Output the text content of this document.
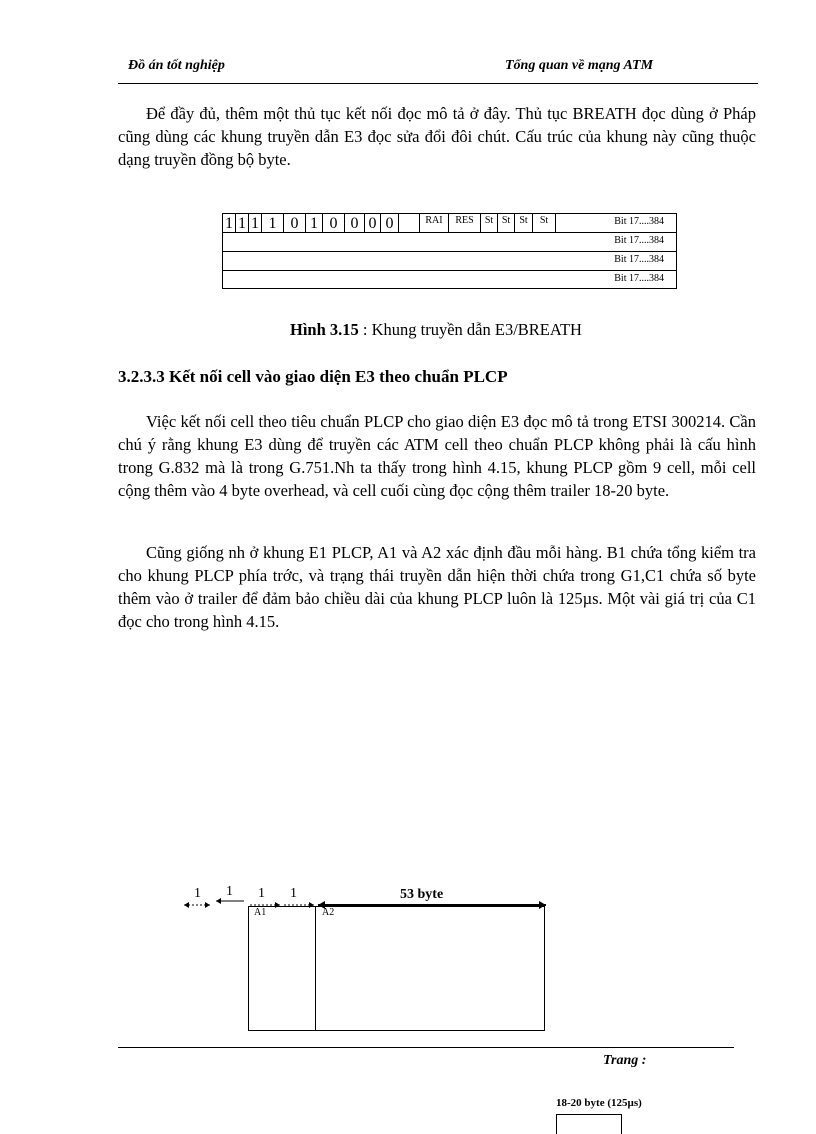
Đồ án tốt nghiệp	Tổng quan về mạng ATM
Để đầy đủ, thêm một thủ tục kết nối đọc mô tả ở đây. Thủ tục BREATH đọc dùng ở Pháp cũng dùng các khung truyền dẫn E3 đọc sửa đổi đôi chút. Cấu trúc của khung này cũng thuộc dạng truyền đồng bộ byte.
1 1 1 1 0 1 0 0 0 0	RAI	RES	St St St	St	Bit 17....384
Bit 17....384
Bit 17....384
Bit 17....384
Hình 3.15 : Khung truyền dẫn E3/BREATH
3.2.3.3 Kết nối cell vào giao diện E3 theo chuẩn PLCP
Việc kết nối cell theo tiêu chuẩn PLCP cho giao diện E3 đọc mô tả trong ETSI 300214. Cần chú ý rằng khung E3 dùng để truyền các ATM cell theo chuẩn PLCP không phải là cấu hình trong G.832 mà là trong G.751.Nh ta thấy trong hình 4.15, khung PLCP gồm 9 cell, mỗi cell cộng thêm vào 4 byte overhead, và cell cuối cùng đọc cộng thêm trailer 18-20 byte.
Cũng giống nh ở khung E1 PLCP, A1 và A2 xác định đầu mỗi hàng. B1 chứa tổng kiểm tra cho khung PLCP phía trớc, và trạng thái truyền dẫn hiện thời chứa trong G1,C1 chứa số byte thêm vào ở trailer để đảm bảo chiều dài của khung PLCP luôn là 125µs. Một vài giá trị của C1 đọc cho trong hình 4.15.
1 1 1 1	53 byte
A1	A2
Trang :
18-20 byte (125µs)
